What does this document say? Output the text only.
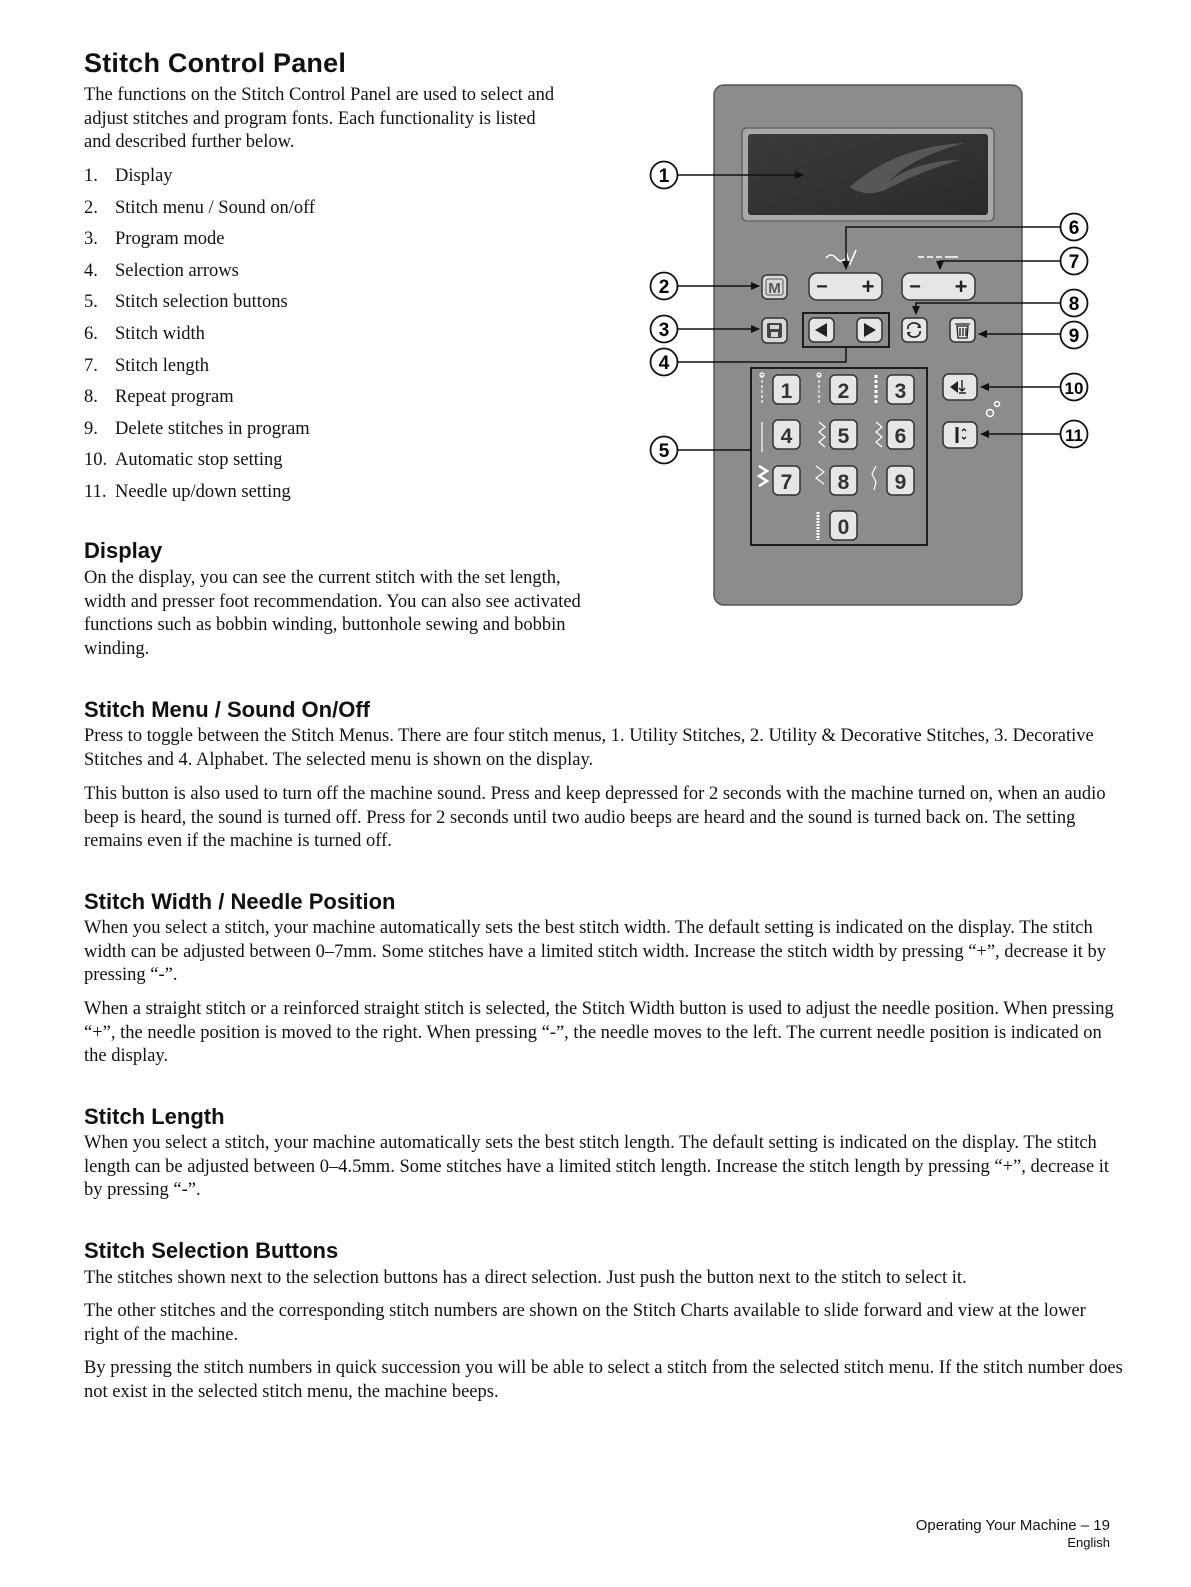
Stitch Control Panel

The functions on the Stitch Control Panel are used to select and adjust stitches and program fonts. Each functionality is listed and described further below.

1. Display
2. Stitch menu / Sound on/off
3. Program mode
4. Selection arrows
5. Stitch selection buttons
6. Stitch width
7. Stitch length
8. Repeat program
9. Delete stitches in program
10. Automatic stop setting
11. Needle up/down setting
Display

On the display, you can see the current stitch with the set length, width and presser foot recommendation. You can also see activated functions such as bobbin winding, buttonhole sewing and bobbin winding.

Stitch Menu / Sound On/Off

Press to toggle between the Stitch Menus. There are four stitch menus, 1. Utility Stitches, 2. Utility & Decorative Stitches, 3. Decorative Stitches and 4. Alphabet. The selected menu is shown on the display.

This button is also used to turn off the machine sound. Press and keep depressed for 2 seconds with the machine turned on, when an audio beep is heard, the sound is turned off. Press for 2 seconds until two audio beeps are heard and the sound is turned back on. The setting remains even if the machine is turned off.

Stitch Width / Needle Position

When you select a stitch, your machine automatically sets the best stitch width. The default setting is indicated on the display. The stitch width can be adjusted between 0–7mm. Some stitches have a limited stitch width. Increase the stitch width by pressing “+”, decrease it by pressing “-”.

When a straight stitch or a reinforced straight stitch is selected, the Stitch Width button is used to adjust the needle position. When pressing “+”, the needle position is moved to the right. When pressing “-”, the needle moves to the left. The current needle position is indicated on the display.

Stitch Length

When you select a stitch, your machine automatically sets the best stitch length. The default setting is indicated on the display. The stitch length can be adjusted between 0–4.5mm. Some stitches have a limited stitch length. Increase the stitch length by pressing “+”, decrease it by pressing “-”.

Stitch Selection Buttons

The stitches shown next to the selection buttons has a direct selection. Just push the button next to the stitch to select it.

The other stitches and the corresponding stitch numbers are shown on the Stitch Charts available to slide forward and view at the lower right of the machine.

By pressing the stitch numbers in quick succession you will be able to select a stitch from the selected stitch menu. If the stitch number does not exist in the selected stitch menu, the machine beeps.

M − + − +
1 2 3
4 5 6
7 8 9
0
1
2
3
4
5
6
7
8
9
10
11
Operating Your Machine – 19
English
